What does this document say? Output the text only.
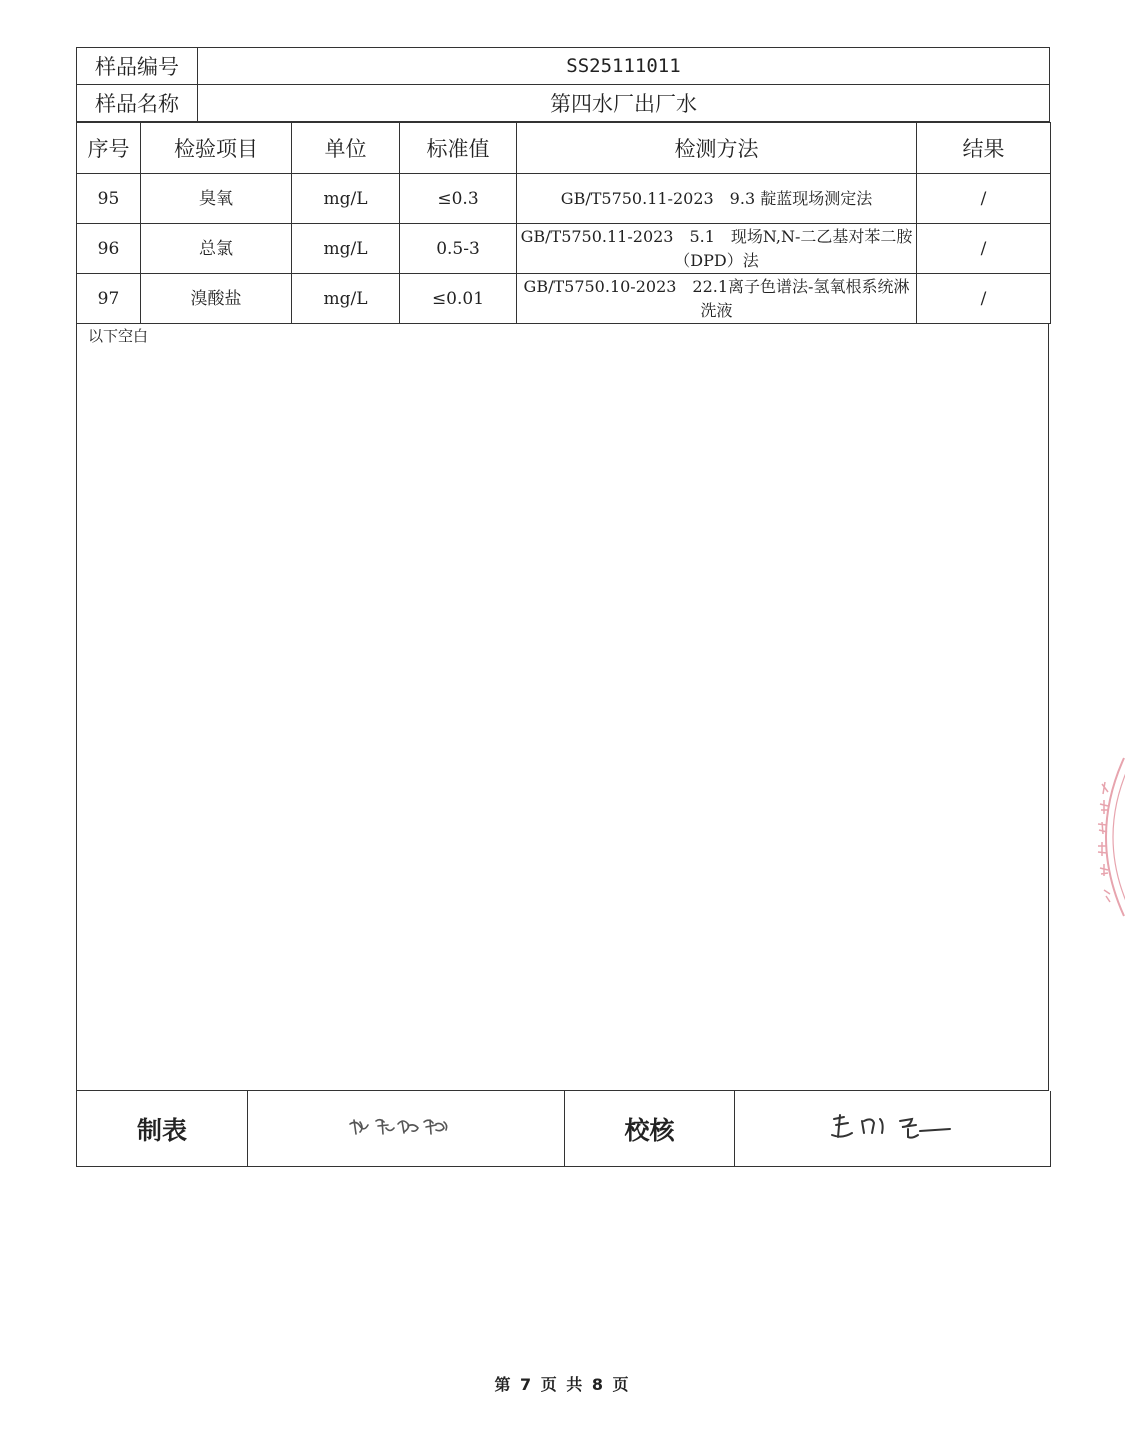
样品编号	SS25111011
样品名称	第四水厂出厂水
序号	检验项目	单位	标准值	检测方法	结果
95	臭氧	mg/L	≤0.3	GB/T5750.11-2023　9.3 靛蓝现场测定法	/
96	总氯	mg/L	0.5-3	GB/T5750.11-2023　5.1　现场N,N-二乙基对苯二胺（DPD）法	/
97	溴酸盐	mg/L	≤0.01	GB/T5750.10-2023　22.1离子色谱法-氢氧根系统淋洗液	/
以下空白
制表		校核	
第 7 页 共 8 页
